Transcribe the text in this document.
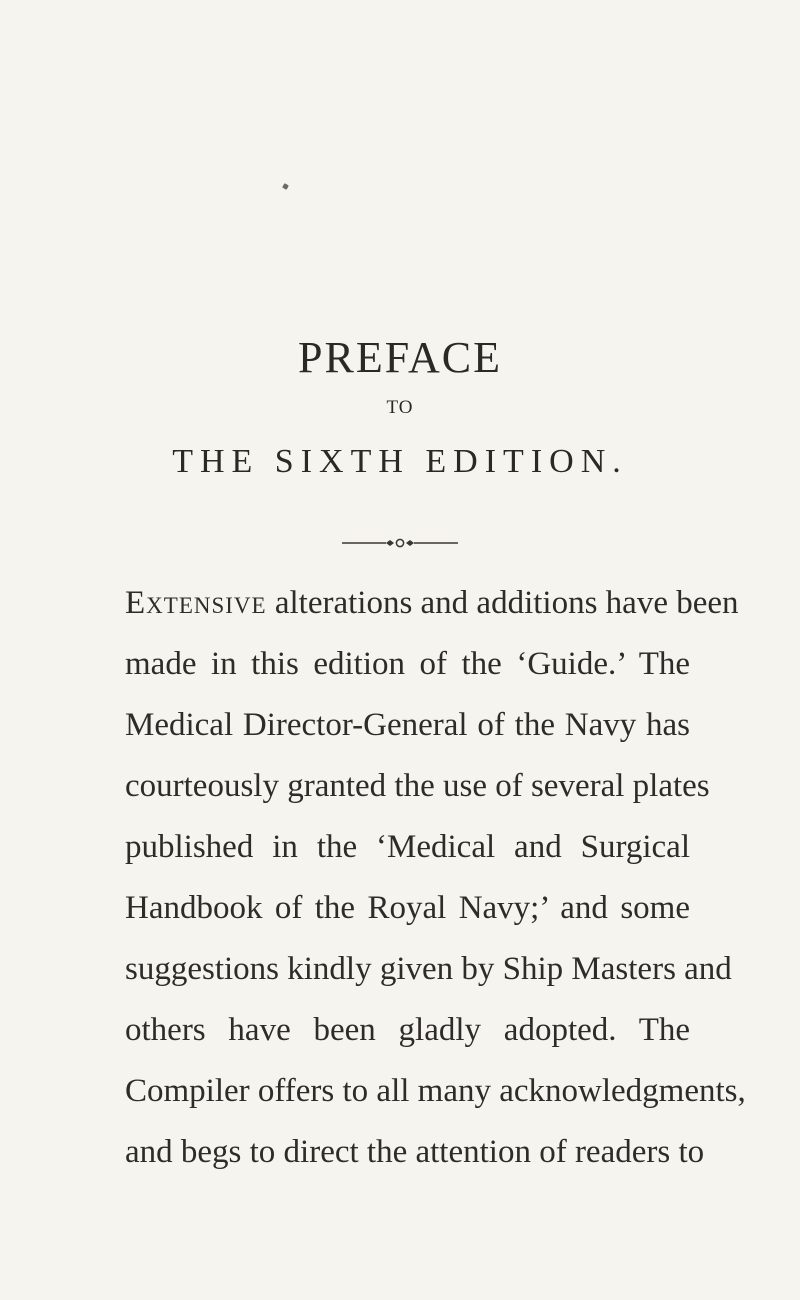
PREFACE
TO
THE SIXTH EDITION.
Extensive alterations and additions have been
made in this edition of the ‘Guide.’ The
Medical Director-General of the Navy has
courteously granted the use of several plates
published in the ‘Medical and Surgical
Handbook of the Royal Navy;’ and some
suggestions kindly given by Ship Masters and
others have been gladly adopted. The
Compiler offers to all many acknowledgments,
and begs to direct the attention of readers to
